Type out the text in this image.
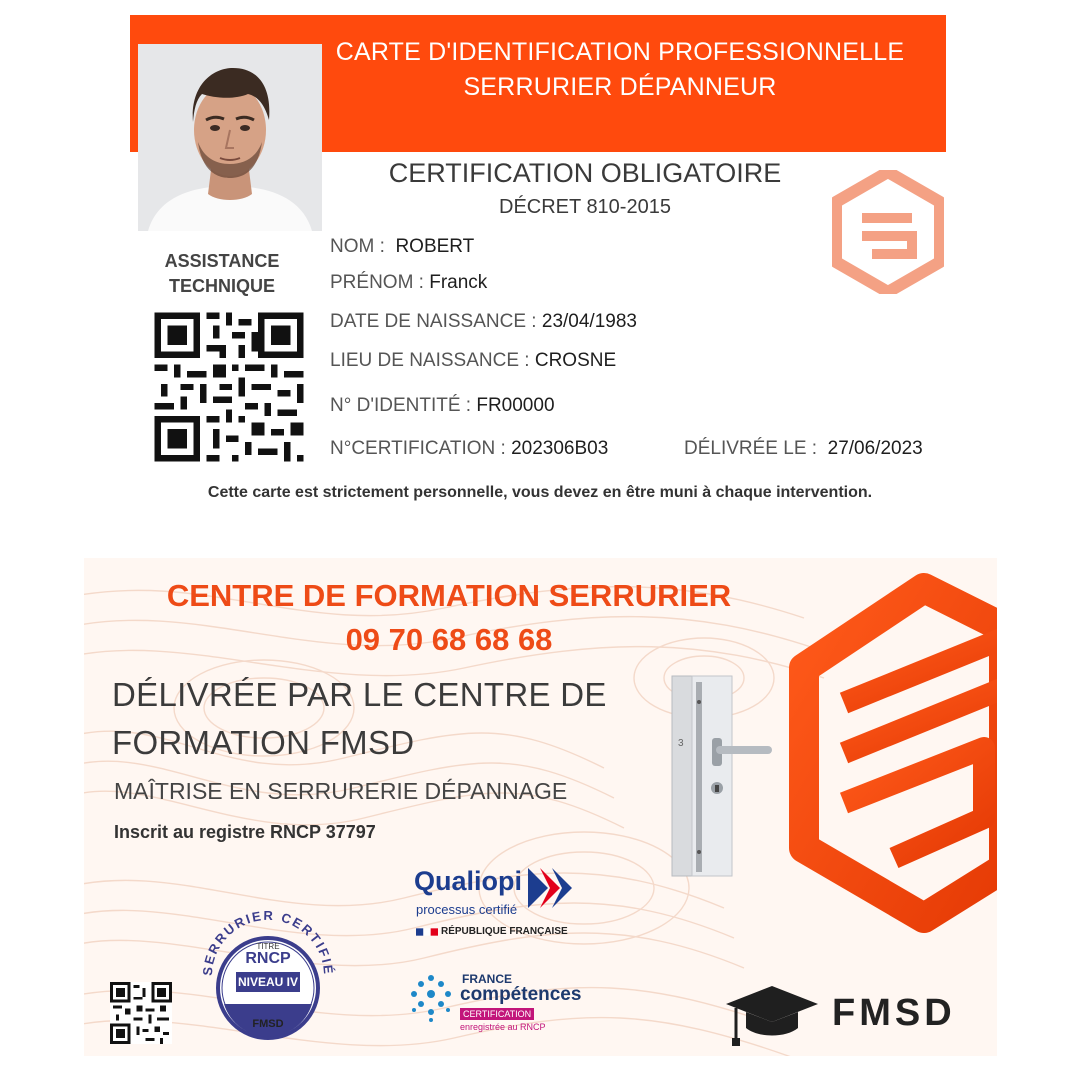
CARTE D'IDENTIFICATION PROFESSIONNELLE
SERRURIER DÉPANNEUR
CERTIFICATION OBLIGATOIRE
DÉCRET 810-2015
ASSISTANCE
TECHNIQUE
NOM : ROBERT
PRÉNOM : Franck
DATE DE NAISSANCE : 23/04/1983
LIEU DE NAISSANCE : CROSNE
N° D'IDENTITÉ : FR00000
N°CERTIFICATION : 202306B03	DÉLIVRÉE LE : 27/06/2023
Cette carte est strictement personnelle, vous devez en être muni à chaque intervention.
3
CENTRE DE FORMATION SERRURIER
09 70 68 68 68
DÉLIVRÉE PAR LE CENTRE DE
FORMATION FMSD
MAÎTRISE EN SERRURERIE DÉPANNAGE
Inscrit au registre RNCP 37797
Qualiopi
processus certifié
RÉPUBLIQUE FRANÇAISE
SERRURIER CERTIFIÉ
TITRE
RNCP
NIVEAU IV
RECONU PAR L'ÉTAT
FMSD
FRANCE
compétences
CERTIFICATION
enregistrée au RNCP	FMSD
